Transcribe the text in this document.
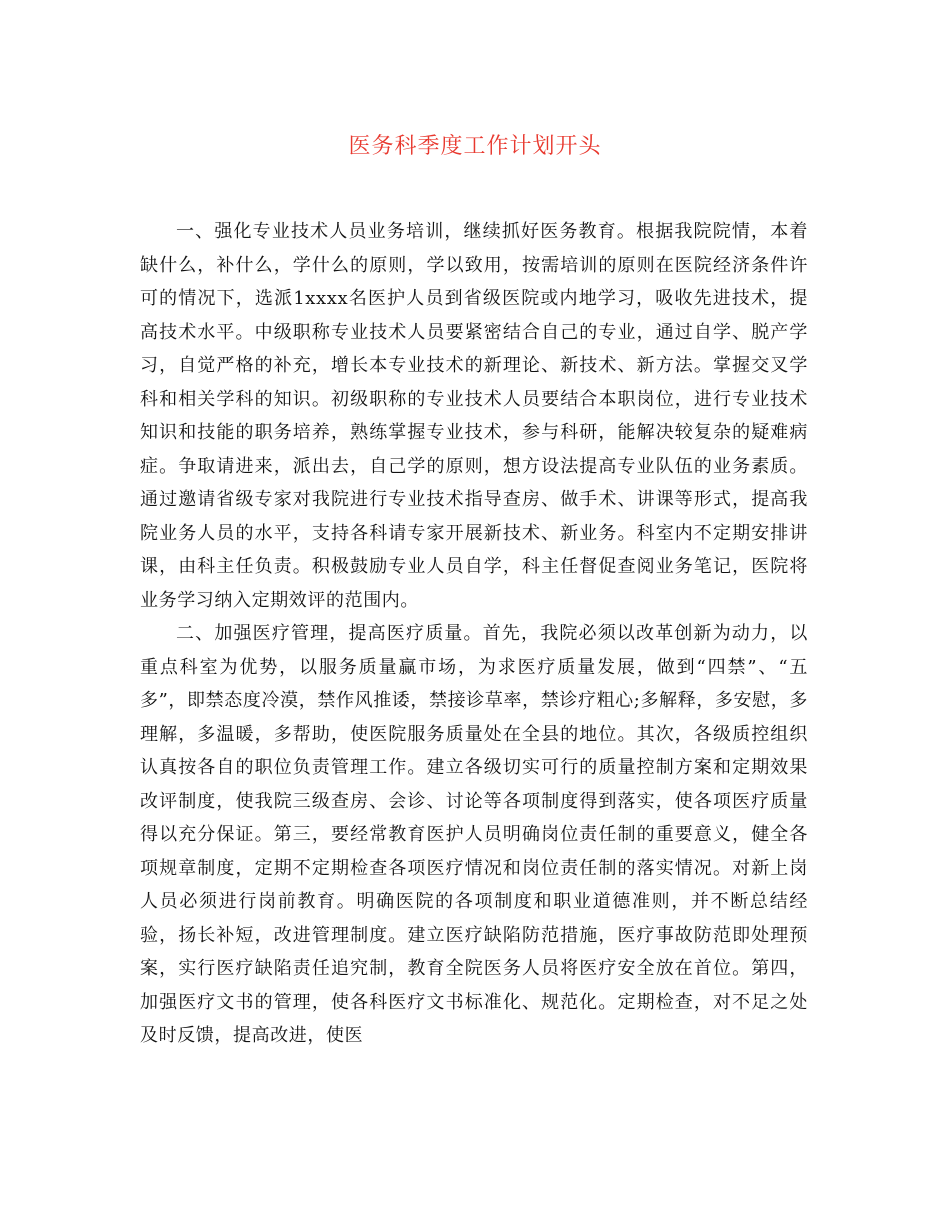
医务科季度工作计划开头

一、强化专业技术人员业务培训，继续抓好医务教育。根据我院院情，本着缺什么，补什么，学什么的原则，学以致用，按需培训的原则在医院经济条件许可的情况下，选派1xxxx名医护人员到省级医院或内地学习，吸收先进技术，提高技术水平。中级职称专业技术人员要紧密结合自己的专业，通过自学、脱产学习，自觉严格的补充，增长本专业技术的新理论、新技术、新方法。掌握交叉学科和相关学科的知识。初级职称的专业技术人员要结合本职岗位，进行专业技术知识和技能的职务培养，熟练掌握专业技术，参与科研，能解决较复杂的疑难病症。争取请进来，派出去，自己学的原则，想方设法提高专业队伍的业务素质。通过邀请省级专家对我院进行专业技术指导查房、做手术、讲课等形式，提高我院业务人员的水平，支持各科请专家开展新技术、新业务。科室内不定期安排讲课，由科主任负责。积极鼓励专业人员自学，科主任督促查阅业务笔记，医院将业务学习纳入定期效评的范围内。

二、加强医疗管理，提高医疗质量。首先，我院必须以改革创新为动力，以重点科室为优势，以服务质量赢市场，为求医疗质量发展，做到“四禁”、“五多”，即禁态度冷漠，禁作风推诿，禁接诊草率，禁诊疗粗心;多解释，多安慰，多理解，多温暖，多帮助，使医院服务质量处在全县的地位。其次，各级质控组织认真按各自的职位负责管理工作。建立各级切实可行的质量控制方案和定期效果改评制度，使我院三级查房、会诊、讨论等各项制度得到落实，使各项医疗质量得以充分保证。第三，要经常教育医护人员明确岗位责任制的重要意义，健全各项规章制度，定期不定期检查各项医疗情况和岗位责任制的落实情况。对新上岗人员必须进行岗前教育。明确医院的各项制度和职业道德准则，并不断总结经验，扬长补短，改进管理制度。建立医疗缺陷防范措施，医疗事故防范即处理预案，实行医疗缺陷责任追究制，教育全院医务人员将医疗安全放在首位。第四，加强医疗文书的管理，使各科医疗文书标准化、规范化。定期检查，对不足之处及时反馈，提高改进，使医
